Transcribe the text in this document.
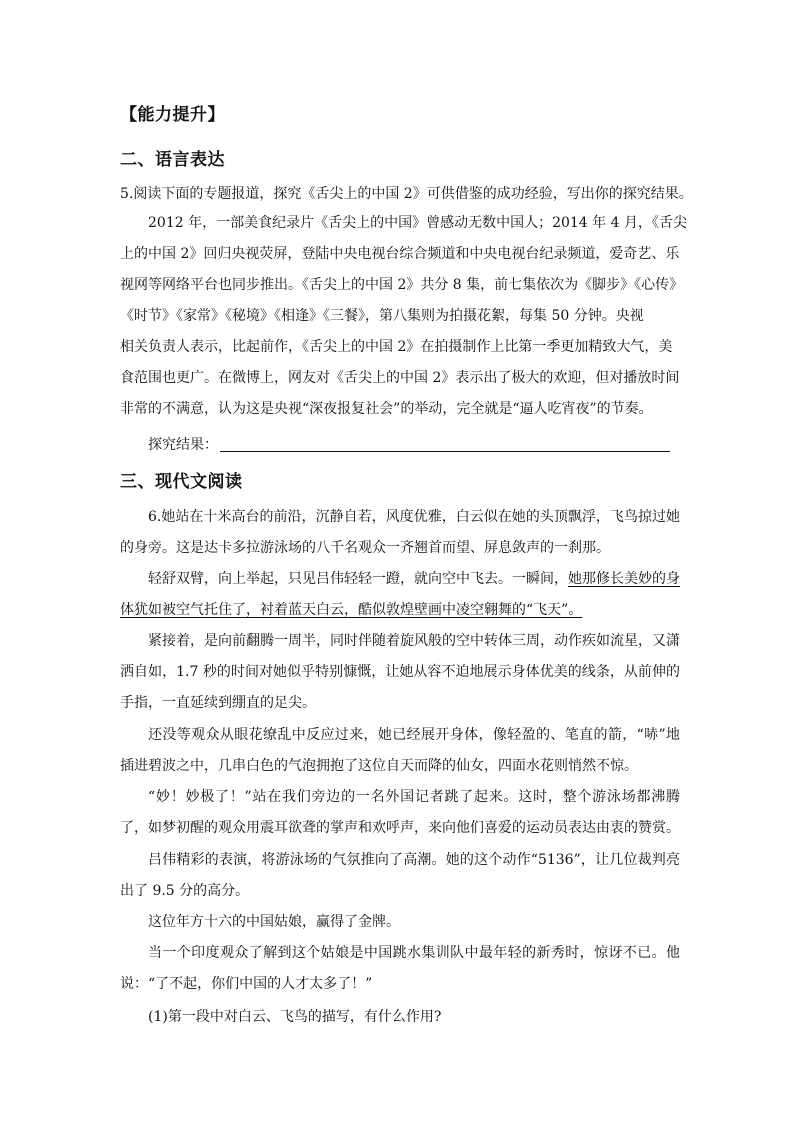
【能力提升】
二、语言表达
5.阅读下面的专题报道，探究《舌尖上的中国 2》可供借鉴的成功经验，写出你的探究结果。
2012 年，一部美食纪录片《舌尖上的中国》曾感动无数中国人；2014 年 4 月，《舌尖
上的中国 2》回归央视荧屏，登陆中央电视台综合频道和中央电视台纪录频道，爱奇艺、乐
视网等网络平台也同步推出。《舌尖上的中国 2》共分 8 集，前七集依次为《脚步》《心传》
《时节》《家常》《秘境》《相逢》《三餐》，第八集则为拍摄花絮，每集 50 分钟。央视
相关负责人表示，比起前作，《舌尖上的中国 2》在拍摄制作上比第一季更加精致大气，美
食范围也更广。在微博上，网友对《舌尖上的中国 2》表示出了极大的欢迎，但对播放时间
非常的不满意，认为这是央视“深夜报复社会”的举动，完全就是“逼人吃宵夜”的节奏。
探究结果：
三、现代文阅读
6.她站在十米高台的前沿，沉静自若，风度优雅，白云似在她的头顶飘浮，飞鸟掠过她的身旁。这是达卡多拉游泳场的八千名观众一齐翘首而望、屏息敛声的一刹那。
轻舒双臂，向上举起，只见吕伟轻轻一蹬，就向空中飞去。一瞬间，她那修长美妙的身体犹如被空气托住了，衬着蓝天白云，酷似敦煌壁画中凌空翱舞的“飞天”。
紧接着，是向前翻腾一周半，同时伴随着旋风般的空中转体三周，动作疾如流星，又潇洒自如，1.7 秒的时间对她似乎特别慷慨，让她从容不迫地展示身体优美的线条，从前伸的手指，一直延续到绷直的足尖。
还没等观众从眼花缭乱中反应过来，她已经展开身体，像轻盈的、笔直的箭，“哧”地插进碧波之中，几串白色的气泡拥抱了这位自天而降的仙女，四面水花则悄然不惊。
“妙！妙极了！”站在我们旁边的一名外国记者跳了起来。这时，整个游泳场都沸腾了，如梦初醒的观众用震耳欲聋的掌声和欢呼声，来向他们喜爱的运动员表达由衷的赞赏。
吕伟精彩的表演，将游泳场的气氛推向了高潮。她的这个动作“5136”，让几位裁判亮出了 9.5 分的高分。
这位年方十六的中国姑娘，赢得了金牌。
当一个印度观众了解到这个姑娘是中国跳水集训队中最年轻的新秀时，惊讶不已。他说：“了不起，你们中国的人才太多了！”
(1)第一段中对白云、飞鸟的描写，有什么作用?
